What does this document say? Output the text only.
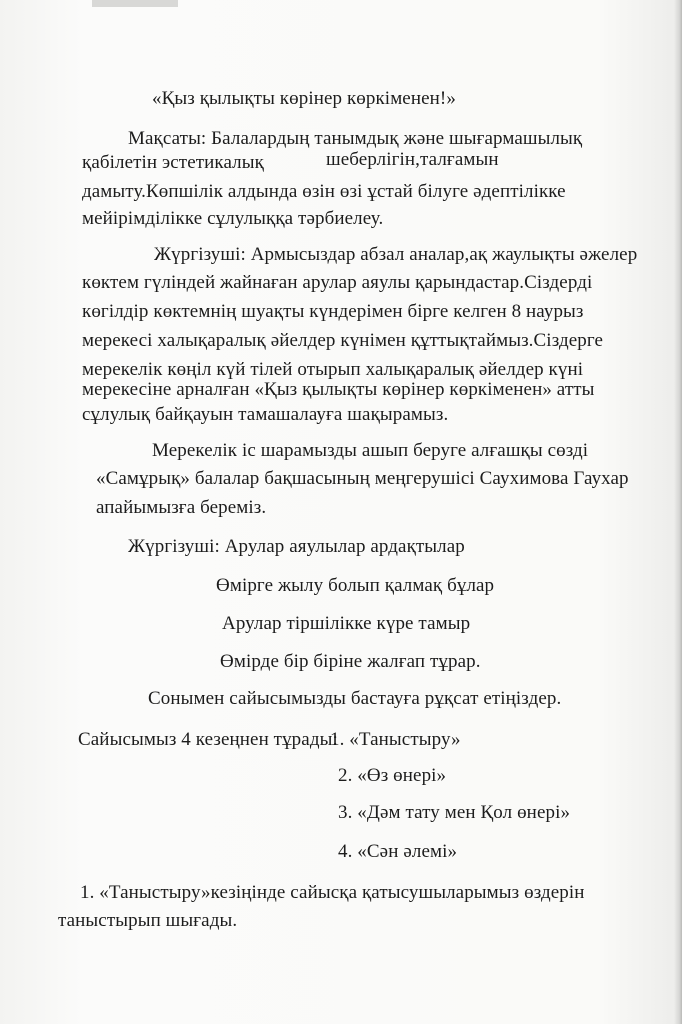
«Қыз қылықты көрінер көркіменен!»
Мақсаты: Балалардың танымдық және шығармашылық
қабілетін эстетикалық	шеберлігін,талғамын
дамыту.Көпшілік алдында өзін өзі ұстай білуге әдептілікке
мейірімділікке сұлулыққа тәрбиелеу.
Жүргізуші: Армысыздар абзал аналар,ақ жаулықты әжелер
көктем гүліндей жайнаған арулар аяулы қарындастар.Сіздерді
көгілдір көктемнің шуақты күндерімен бірге келген 8 наурыз
мерекесі халықаралық әйелдер күнімен құттықтаймыз.Сіздерге
мерекелік көңіл күй тілей отырып халықаралық әйелдер күні
мерекесіне арналған «Қыз қылықты көрінер көркіменен» атты
сұлулық байқауын тамашалауға шақырамыз.
Мерекелік іс шарамызды ашып беруге алғашқы сөзді
«Самұрық» балалар бақшасының меңгерушісі Саухимова Гаухар
апайымызға береміз.
Жүргізуші: Арулар аяулылар ардақтылар
Өмірге жылу болып қалмақ бұлар
Арулар тіршілікке күре тамыр
Өмірде бір біріне жалғап тұрар.
Сонымен сайысымызды бастауға рұқсат етіңіздер.
Сайысымыз 4 кезеңнен тұрады:
1. «Таныстыру»
2. «Өз өнері»
3. «Дәм тату мен Қол өнері»
4. «Сән әлемі»
1. «Таныстыру»кезіңінде сайысқа қатысушыларымыз өздерін
таныстырып шығады.
